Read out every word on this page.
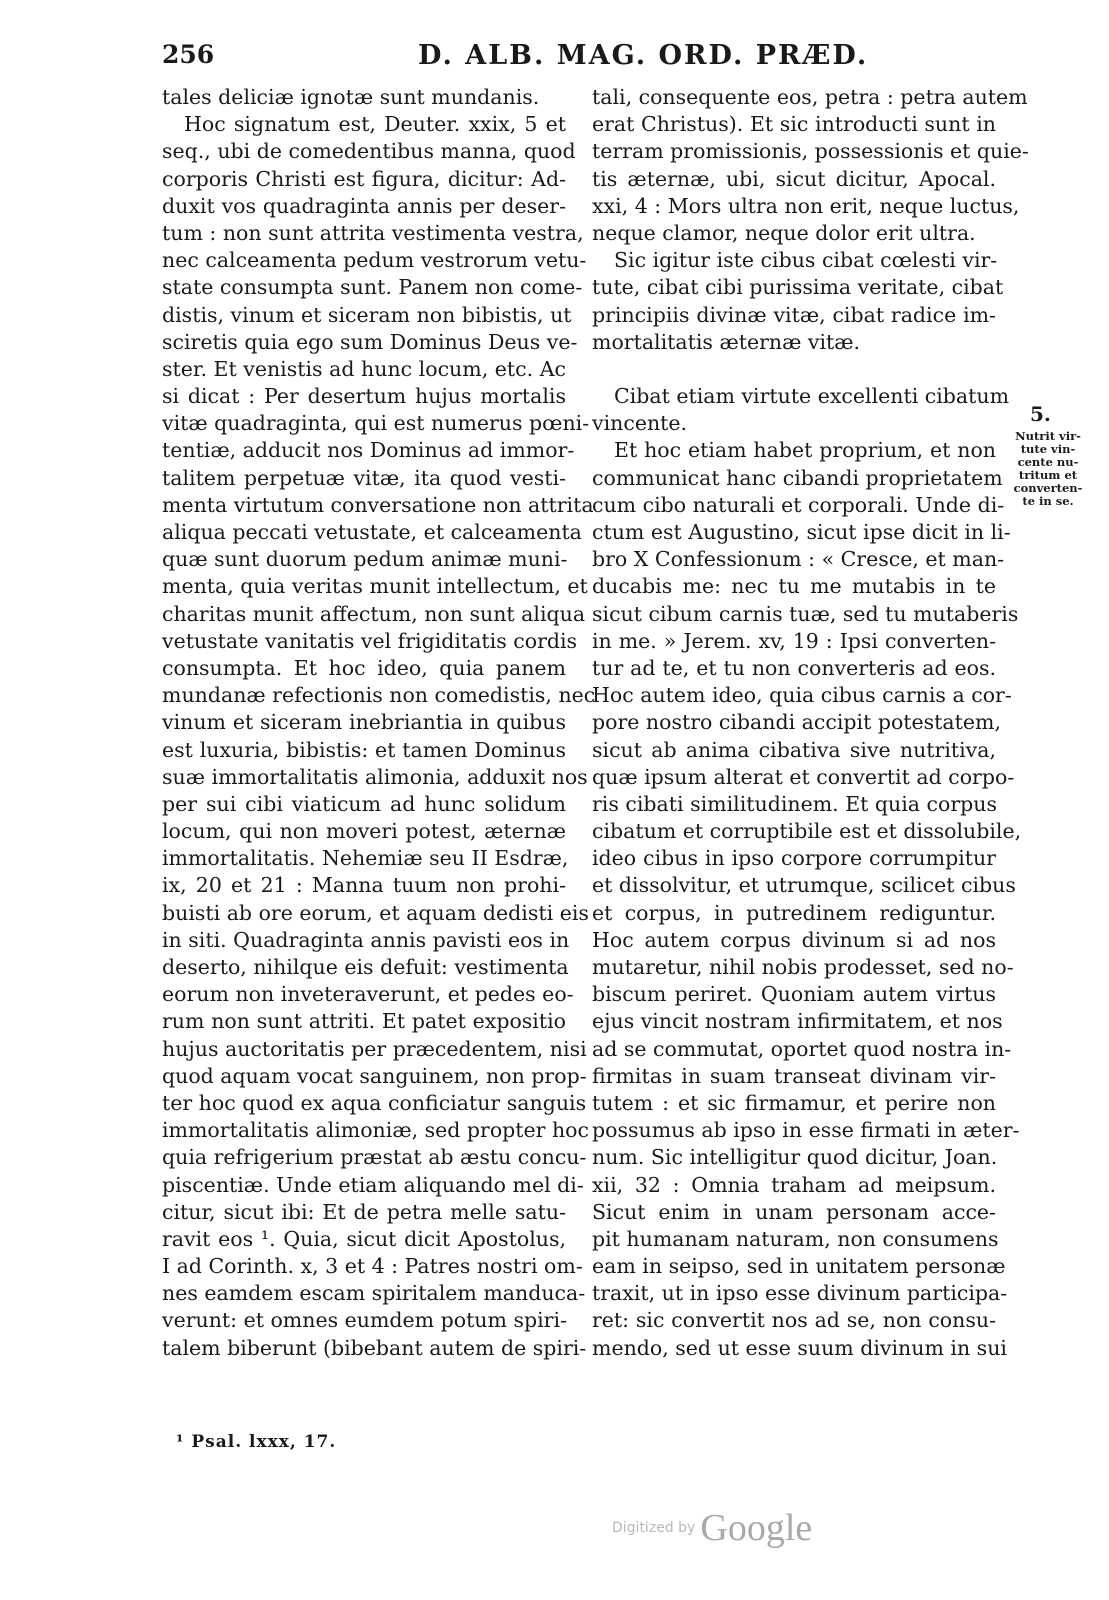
256	D. ALB. MAG. ORD. PRÆD.
tales deliciæ ignotæ sunt mundanis.
Hoc signatum est, Deuter. xxix, 5 et
seq., ubi de comedentibus manna, quod
corporis Christi est figura, dicitur: Ad-
duxit vos quadraginta annis per deser-
tum : non sunt attrita vestimenta vestra,
nec calceamenta pedum vestrorum vetu-
state consumpta sunt. Panem non come-
distis, vinum et siceram non bibistis, ut
sciretis quia ego sum Dominus Deus ve-
ster. Et venistis ad hunc locum, etc. Ac
si dicat : Per desertum hujus mortalis
vitæ quadraginta, qui est numerus pœni-
tentiæ, adducit nos Dominus ad immor-
talitem perpetuæ vitæ, ita quod vesti-
menta virtutum conversatione non attrita
aliqua peccati vetustate, et calceamenta
quæ sunt duorum pedum animæ muni-
menta, quia veritas munit intellectum, et
charitas munit affectum, non sunt aliqua
vetustate vanitatis vel frigiditatis cordis
consumpta. Et hoc ideo, quia panem
mundanæ refectionis non comedistis, nec
vinum et siceram inebriantia in quibus
est luxuria, bibistis: et tamen Dominus
suæ immortalitatis alimonia, adduxit nos
per sui cibi viaticum ad hunc solidum
locum, qui non moveri potest, æternæ
immortalitatis. Nehemiæ seu II Esdræ,
ix, 20 et 21 : Manna tuum non prohi-
buisti ab ore eorum, et aquam dedisti eis
in siti. Quadraginta annis pavisti eos in
deserto, nihilque eis defuit: vestimenta
eorum non inveteraverunt, et pedes eo-
rum non sunt attriti. Et patet expositio
hujus auctoritatis per præcedentem, nisi
quod aquam vocat sanguinem, non prop-
ter hoc quod ex aqua conficiatur sanguis
immortalitatis alimoniæ, sed propter hoc
quia refrigerium præstat ab æstu concu-
piscentiæ. Unde etiam aliquando mel di-
citur, sicut ibi: Et de petra melle satu-
ravit eos ¹. Quia, sicut dicit Apostolus,
I ad Corinth. x, 3 et 4 : Patres nostri om-
nes eamdem escam spiritalem manduca-
verunt: et omnes eumdem potum spiri-
talem biberunt (bibebant autem de spiri-
tali, consequente eos, petra : petra autem
erat Christus). Et sic introducti sunt in
terram promissionis, possessionis et quie-
tis æternæ, ubi, sicut dicitur, Apocal.
xxi, 4 : Mors ultra non erit, neque luctus,
neque clamor, neque dolor erit ultra.
Sic igitur iste cibus cibat cœlesti vir-
tute, cibat cibi purissima veritate, cibat
principiis divinæ vitæ, cibat radice im-
mortalitatis æternæ vitæ.
Cibat etiam virtute excellenti cibatum
vincente.
Et hoc etiam habet proprium, et non
communicat hanc cibandi proprietatem
cum cibo naturali et corporali. Unde di-
ctum est Augustino, sicut ipse dicit in li-
bro X Confessionum : « Cresce, et man-
ducabis me: nec tu me mutabis in te
sicut cibum carnis tuæ, sed tu mutaberis
in me. » Jerem. xv, 19 : Ipsi converten-
tur ad te, et tu non converteris ad eos.
Hoc autem ideo, quia cibus carnis a cor-
pore nostro cibandi accipit potestatem,
sicut ab anima cibativa sive nutritiva,
quæ ipsum alterat et convertit ad corpo-
ris cibati similitudinem. Et quia corpus
cibatum et corruptibile est et dissolubile,
ideo cibus in ipso corpore corrumpitur
et dissolvitur, et utrumque, scilicet cibus
et corpus, in putredinem rediguntur.
Hoc autem corpus divinum si ad nos
mutaretur, nihil nobis prodesset, sed no-
biscum periret. Quoniam autem virtus
ejus vincit nostram infirmitatem, et nos
ad se commutat, oportet quod nostra in-
firmitas in suam transeat divinam vir-
tutem : et sic firmamur, et perire non
possumus ab ipso in esse firmati in æter-
num. Sic intelligitur quod dicitur, Joan.
xii, 32 : Omnia traham ad meipsum.
Sicut enim in unam personam acce-
pit humanam naturam, non consumens
eam in seipso, sed in unitatem personæ
traxit, ut in ipso esse divinum participa-
ret: sic convertit nos ad se, non consu-
mendo, sed ut esse suum divinum in sui
5.
Nutrit vir-
tute vin-
cente nu-
tritum et
converten-
te in se.
¹ Psal. lxxx, 17.
Digitized by Google
